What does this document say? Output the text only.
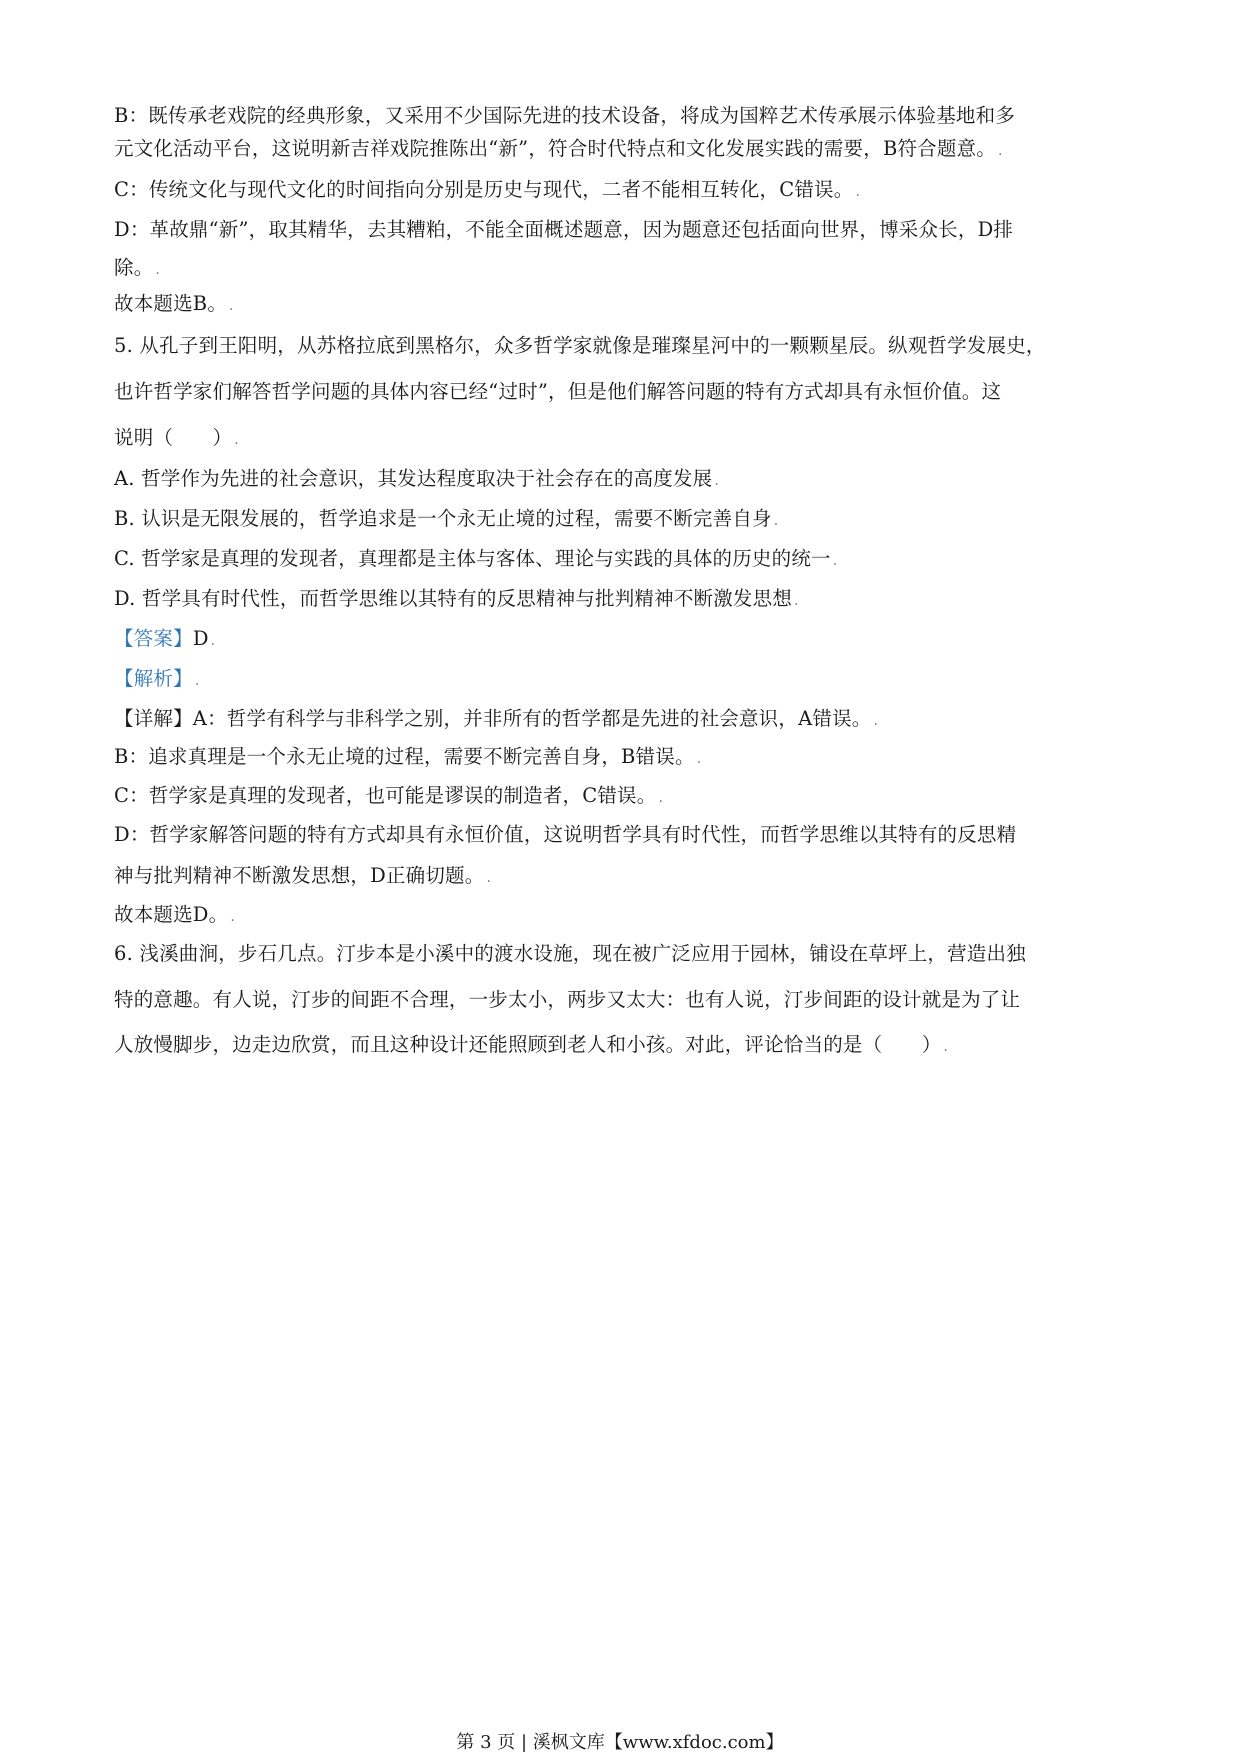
B：既传承老戏院的经典形象，又采用不少国际先进的技术设备，将成为国粹艺术传承展示体验基地和多
元文化活动平台，这说明新吉祥戏院推陈出“新”，符合时代特点和文化发展实践的需要，B符合题意。 .
C：传统文化与现代文化的时间指向分别是历史与现代，二者不能相互转化，C错误。 .
D：革故鼎“新”，取其精华，去其糟粕，不能全面概述题意，因为题意还包括面向世界，博采众长，D排
除。 .
故本题选B。 .
5. 从孔子到王阳明，从苏格拉底到黑格尔，众多哲学家就像是璀璨星河中的一颗颗星辰。纵观哲学发展史，
也许哲学家们解答哲学问题的具体内容已经“过时”，但是他们解答问题的特有方式却具有永恒价值。这
说明（　　） .
A. 哲学作为先进的社会意识，其发达程度取决于社会存在的高度发展 .
B. 认识是无限发展的，哲学追求是一个永无止境的过程，需要不断完善自身 .
C. 哲学家是真理的发现者，真理都是主体与客体、理论与实践的具体的历史的统一 .
D. 哲学具有时代性，而哲学思维以其特有的反思精神与批判精神不断激发思想 .
【答案】D .
【解析】 .
【详解】A：哲学有科学与非科学之别，并非所有的哲学都是先进的社会意识，A错误。 .
B：追求真理是一个永无止境的过程，需要不断完善自身，B错误。 .
C：哲学家是真理的发现者，也可能是谬误的制造者，C错误。 .
D：哲学家解答问题的特有方式却具有永恒价值，这说明哲学具有时代性，而哲学思维以其特有的反思精
神与批判精神不断激发思想，D正确切题。 .
故本题选D。 .
6. 浅溪曲涧，步石几点。汀步本是小溪中的渡水设施，现在被广泛应用于园林，铺设在草坪上，营造出独
特的意趣。有人说，汀步的间距不合理，一步太小，两步又太大：也有人说，汀步间距的设计就是为了让
人放慢脚步，边走边欣赏，而且这种设计还能照顾到老人和小孩。对此，评论恰当的是（　　） .
第 3 页 | 溪枫文库【www.xfdoc.com】
